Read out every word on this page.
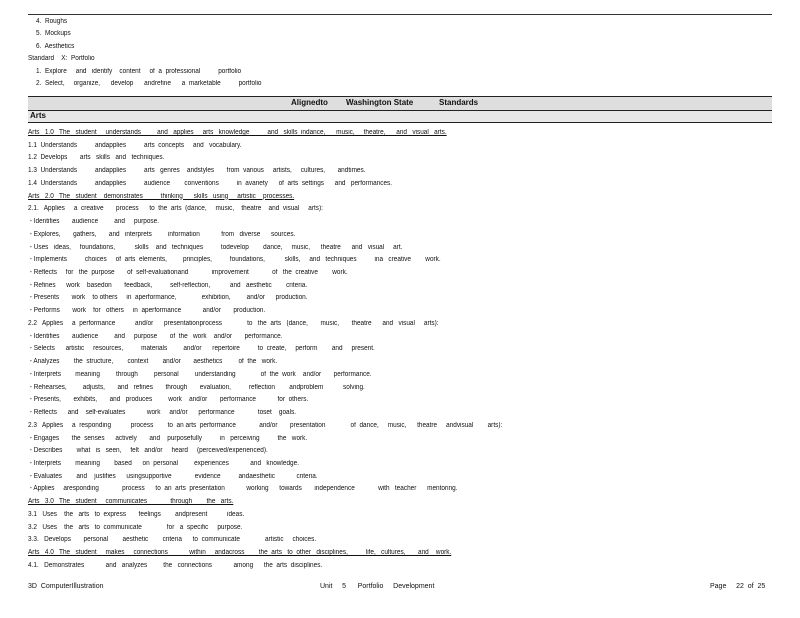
4.  Roughs
5.  Mockups
6.  Aesthetics
Standard    X:  Portfolio
1.  Explore     and   identify    content     of  a  professional          portfolio
2.  Select,     organize,      develop      andrefine      a  marketable          portfolio
Alignedto Washington State	Standards
Arts
Arts   1.0   The   student     understands         and   applies     arts   knowledge          and   skills  indance,      music,     theatre,      and   visual   arts.
1.1  Understands          andapplies          arts  concepts     and   vocabulary.
1.2  Develops       arts   skills   and   techniques.
1.3  Understands          andapplies          arts   genres    andstyles       from  various     artists,     cultures,       andtimes.
1.4  Understands          andapplies          audience        conventions          in  avariety      of  arts  settings      and   performances.
Arts   2.0   The   student    demonstrates          thinking      skills   using     artistic    processes.
2.1.   Applies     a  creative       process      to  the  arts  (dance,     music,    theatre    and  visual     arts):
- Identifies       audience         and     purpose.
- Explores,       gathers,       and   interprets         information            from   diverse      sources.
- Uses   ideas,     foundations,           skills    and   techniques          todevelop        dance,     music,      theatre      and   visual     art.
- Implements          choices     of  arts  elements,         principles,          foundations,           skills,     and   techniques          ina   creative        work.
- Reflects     for   the  purpose       of  self-evaluationand             improvement             of   the  creative        work.
- Refines      work    basedon       feedback,          self-reflection,           and   aesthetic        criteria.
- Presents       work    to others     in  aperformance,              exhibition,         and/or      production.
- Performs       work    for   others     in  aperformance            and/or       production.
2.2   Applies     a  performance           and/or      presentationprocess              to   the  arts   (dance,       music,       theatre      and   visual     arts):
- Identifies       audience         and     purpose       of  the   work    and/or       performance.
- Selects      artistic     resources,          materials         and/or      repertoire          to  create,     perform        and     present.
- Analyzes        the  structure,        context        and/or       aesthetics         of  the   work.
- Interprets        meaning         through         personal         understanding              of  the  work    and/or       performance.
- Rehearses,         adjusts,       and   refines       through       evaluation,          reflection        andproblem           solving.
- Presents,       exhibits,       and   produces         work    and/or       performance            for  others.
- Reflects      and    self-evaluates            work     and/or      performance             toset    goals.
2.3   Applies     a  responding           process        to  an arts  performance             and/or       presentation              of  dance,     music,      theatre     andvisual        arts):
- Engages       the  senses      actively       and    purposefully          in   perceiving          the   work.
- Describes        what   is   seen,     felt   and/or     heard     (perceived/experienced).
- Interprets        meaning        based      on  personal         experiences            and   knowledge.
- Evaluates        and    justifies      usingsupportive             evidence          andaesthetic            criteria.
- Applies     aresponding             process      to  an  arts  presentation            working      towards       independence             with   teacher      mentoring.
Arts   3.0   The   student     communicates             through        the   arts.
3.1   Uses    the   arts   to  express       feelings        andpresent           ideas.
3.2   Uses    the   arts   to  communicate              for   a  specific     purpose.
3.3.   Develops       personal        aesthetic        criteria      to  communicate              artistic     choices.
Arts   4.0   The   student     makes     connections            within     andacross        the  arts   to  other   disciplines,          life,   cultures,       and    work.
4.1.   Demonstrates            and   analyzes         the   connections            among      the  arts  disciplines.
3D  ComputerIllustration	Unit     5      Portfolio     Development	Page     22  of  25
